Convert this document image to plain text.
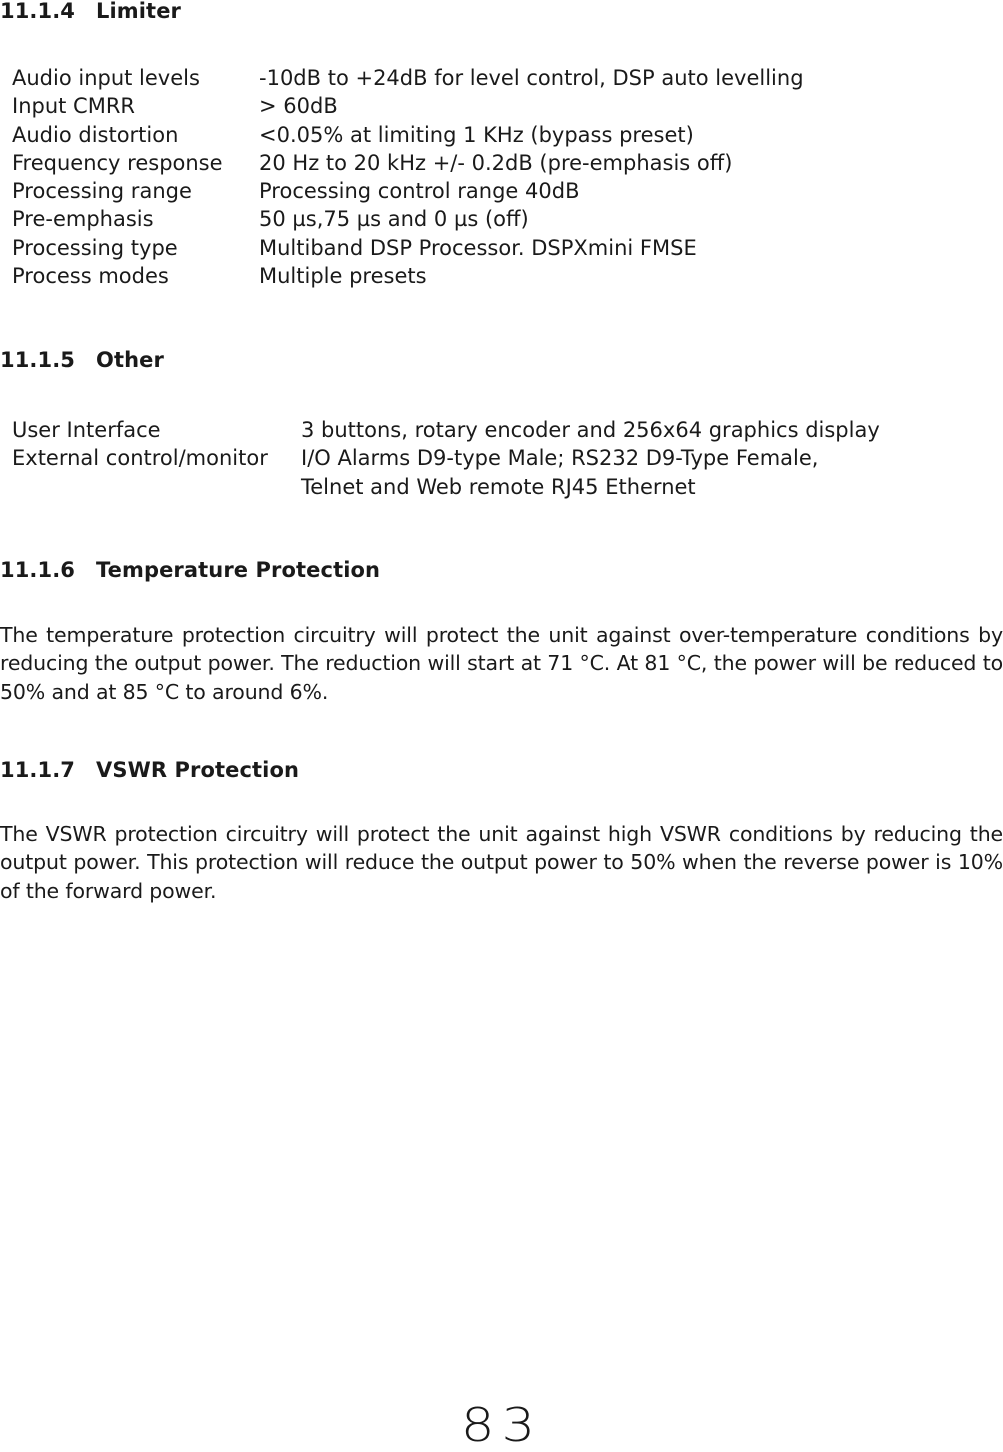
11.1.4 Limiter
Audio input levels	-10dB to +24dB for level control, DSP auto levelling
Input CMRR	> 60dB
Audio distortion	<0.05% at limiting 1 KHz (bypass preset)
Frequency response	20 Hz to 20 kHz +/- 0.2dB (pre-emphasis off)
Processing range	Processing control range 40dB
Pre-emphasis	50 µs,75 µs and 0 µs (off)
Processing type	Multiband DSP Processor. DSPXmini FMSE
Process modes	Multiple presets
11.1.5 Other
User Interface	3 buttons, rotary encoder and 256x64 graphics display
External control/monitor	I/O Alarms D9-type Male; RS232 D9-Type Female,
	Telnet and Web remote RJ45 Ethernet
11.1.6 Temperature Protection

The temperature protection circuitry will protect the unit against over-temperature conditions by reducing the output power. The reduction will start at 71 °C. At 81 °C, the power will be reduced to 50% and at 85 °C to around 6%.

11.1.7 VSWR Protection

The VSWR protection circuitry will protect the unit against high VSWR conditions by reducing the output power. This protection will reduce the output power to 50% when the reverse power is 10% of the forward power.

83
